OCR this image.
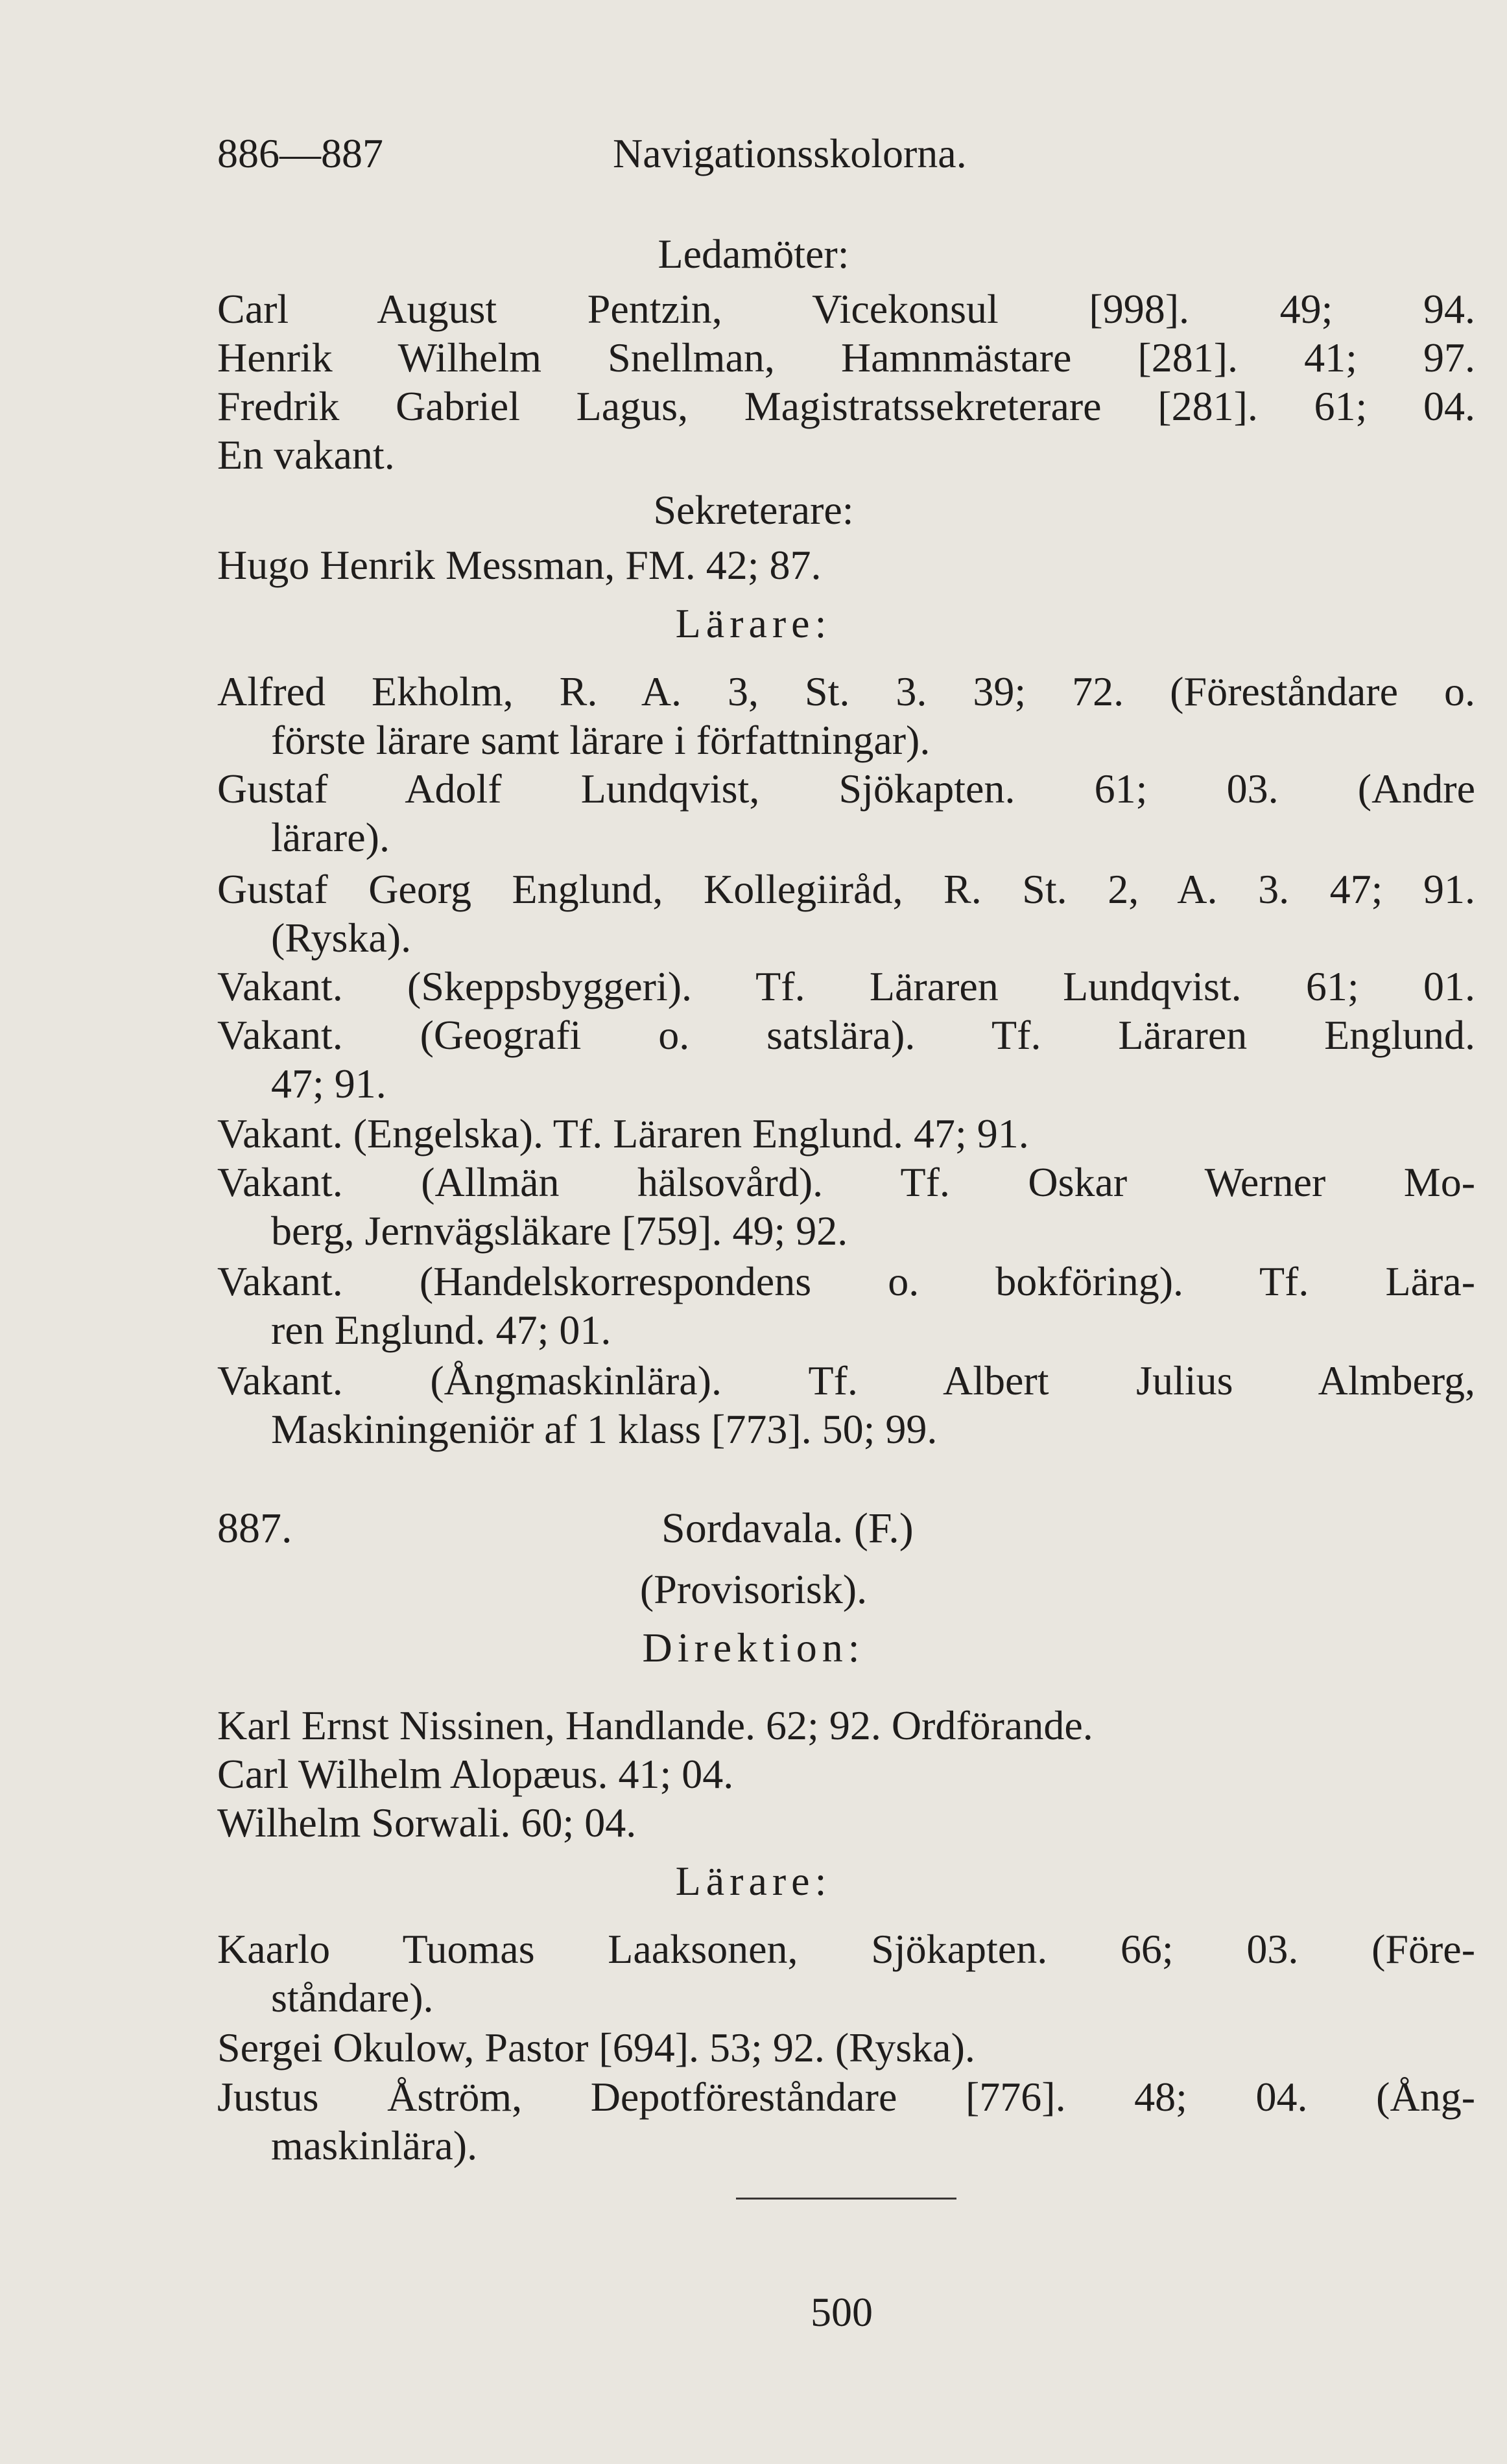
886—887	Navigationsskolorna.
Ledamöter:
Carl August Pentzin, Vicekonsul [998]. 49; 94.
Henrik Wilhelm Snellman, Hamnmästare [281]. 41; 97.
Fredrik Gabriel Lagus, Magistratssekreterare [281]. 61; 04.
En vakant.
Sekreterare:
Hugo Henrik Messman, FM. 42; 87.
Lärare:
Alfred Ekholm, R. A. 3, St. 3. 39; 72. (Föreståndare o.
förste lärare samt lärare i författningar).
Gustaf Adolf Lundqvist, Sjökapten. 61; 03. (Andre
lärare).
Gustaf Georg Englund, Kollegiiråd, R. St. 2, A. 3. 47; 91.
(Ryska).
Vakant. (Skeppsbyggeri). Tf. Läraren Lundqvist. 61; 01.
Vakant. (Geografi o. satslära). Tf. Läraren Englund.
47; 91.
Vakant. (Engelska). Tf. Läraren Englund. 47; 91.
Vakant. (Allmän hälsovård). Tf. Oskar Werner Mo-
berg, Jernvägsläkare [759]. 49; 92.
Vakant. (Handelskorrespondens o. bokföring). Tf. Lära-
ren Englund. 47; 01.
Vakant. (Ångmaskinlära). Tf. Albert Julius Almberg,
Maskiningeniör af 1 klass [773]. 50; 99.
887.	Sordavala. (F.)
(Provisorisk).
Direktion:
Karl Ernst Nissinen, Handlande. 62; 92. Ordförande.
Carl Wilhelm Alopæus. 41; 04.
Wilhelm Sorwali. 60; 04.
Lärare:
Kaarlo Tuomas Laaksonen, Sjökapten. 66; 03. (Före-
ståndare).
Sergei Okulow, Pastor [694]. 53; 92. (Ryska).
Justus Åström, Depotföreståndare [776]. 48; 04. (Ång-
maskinlära).
500
